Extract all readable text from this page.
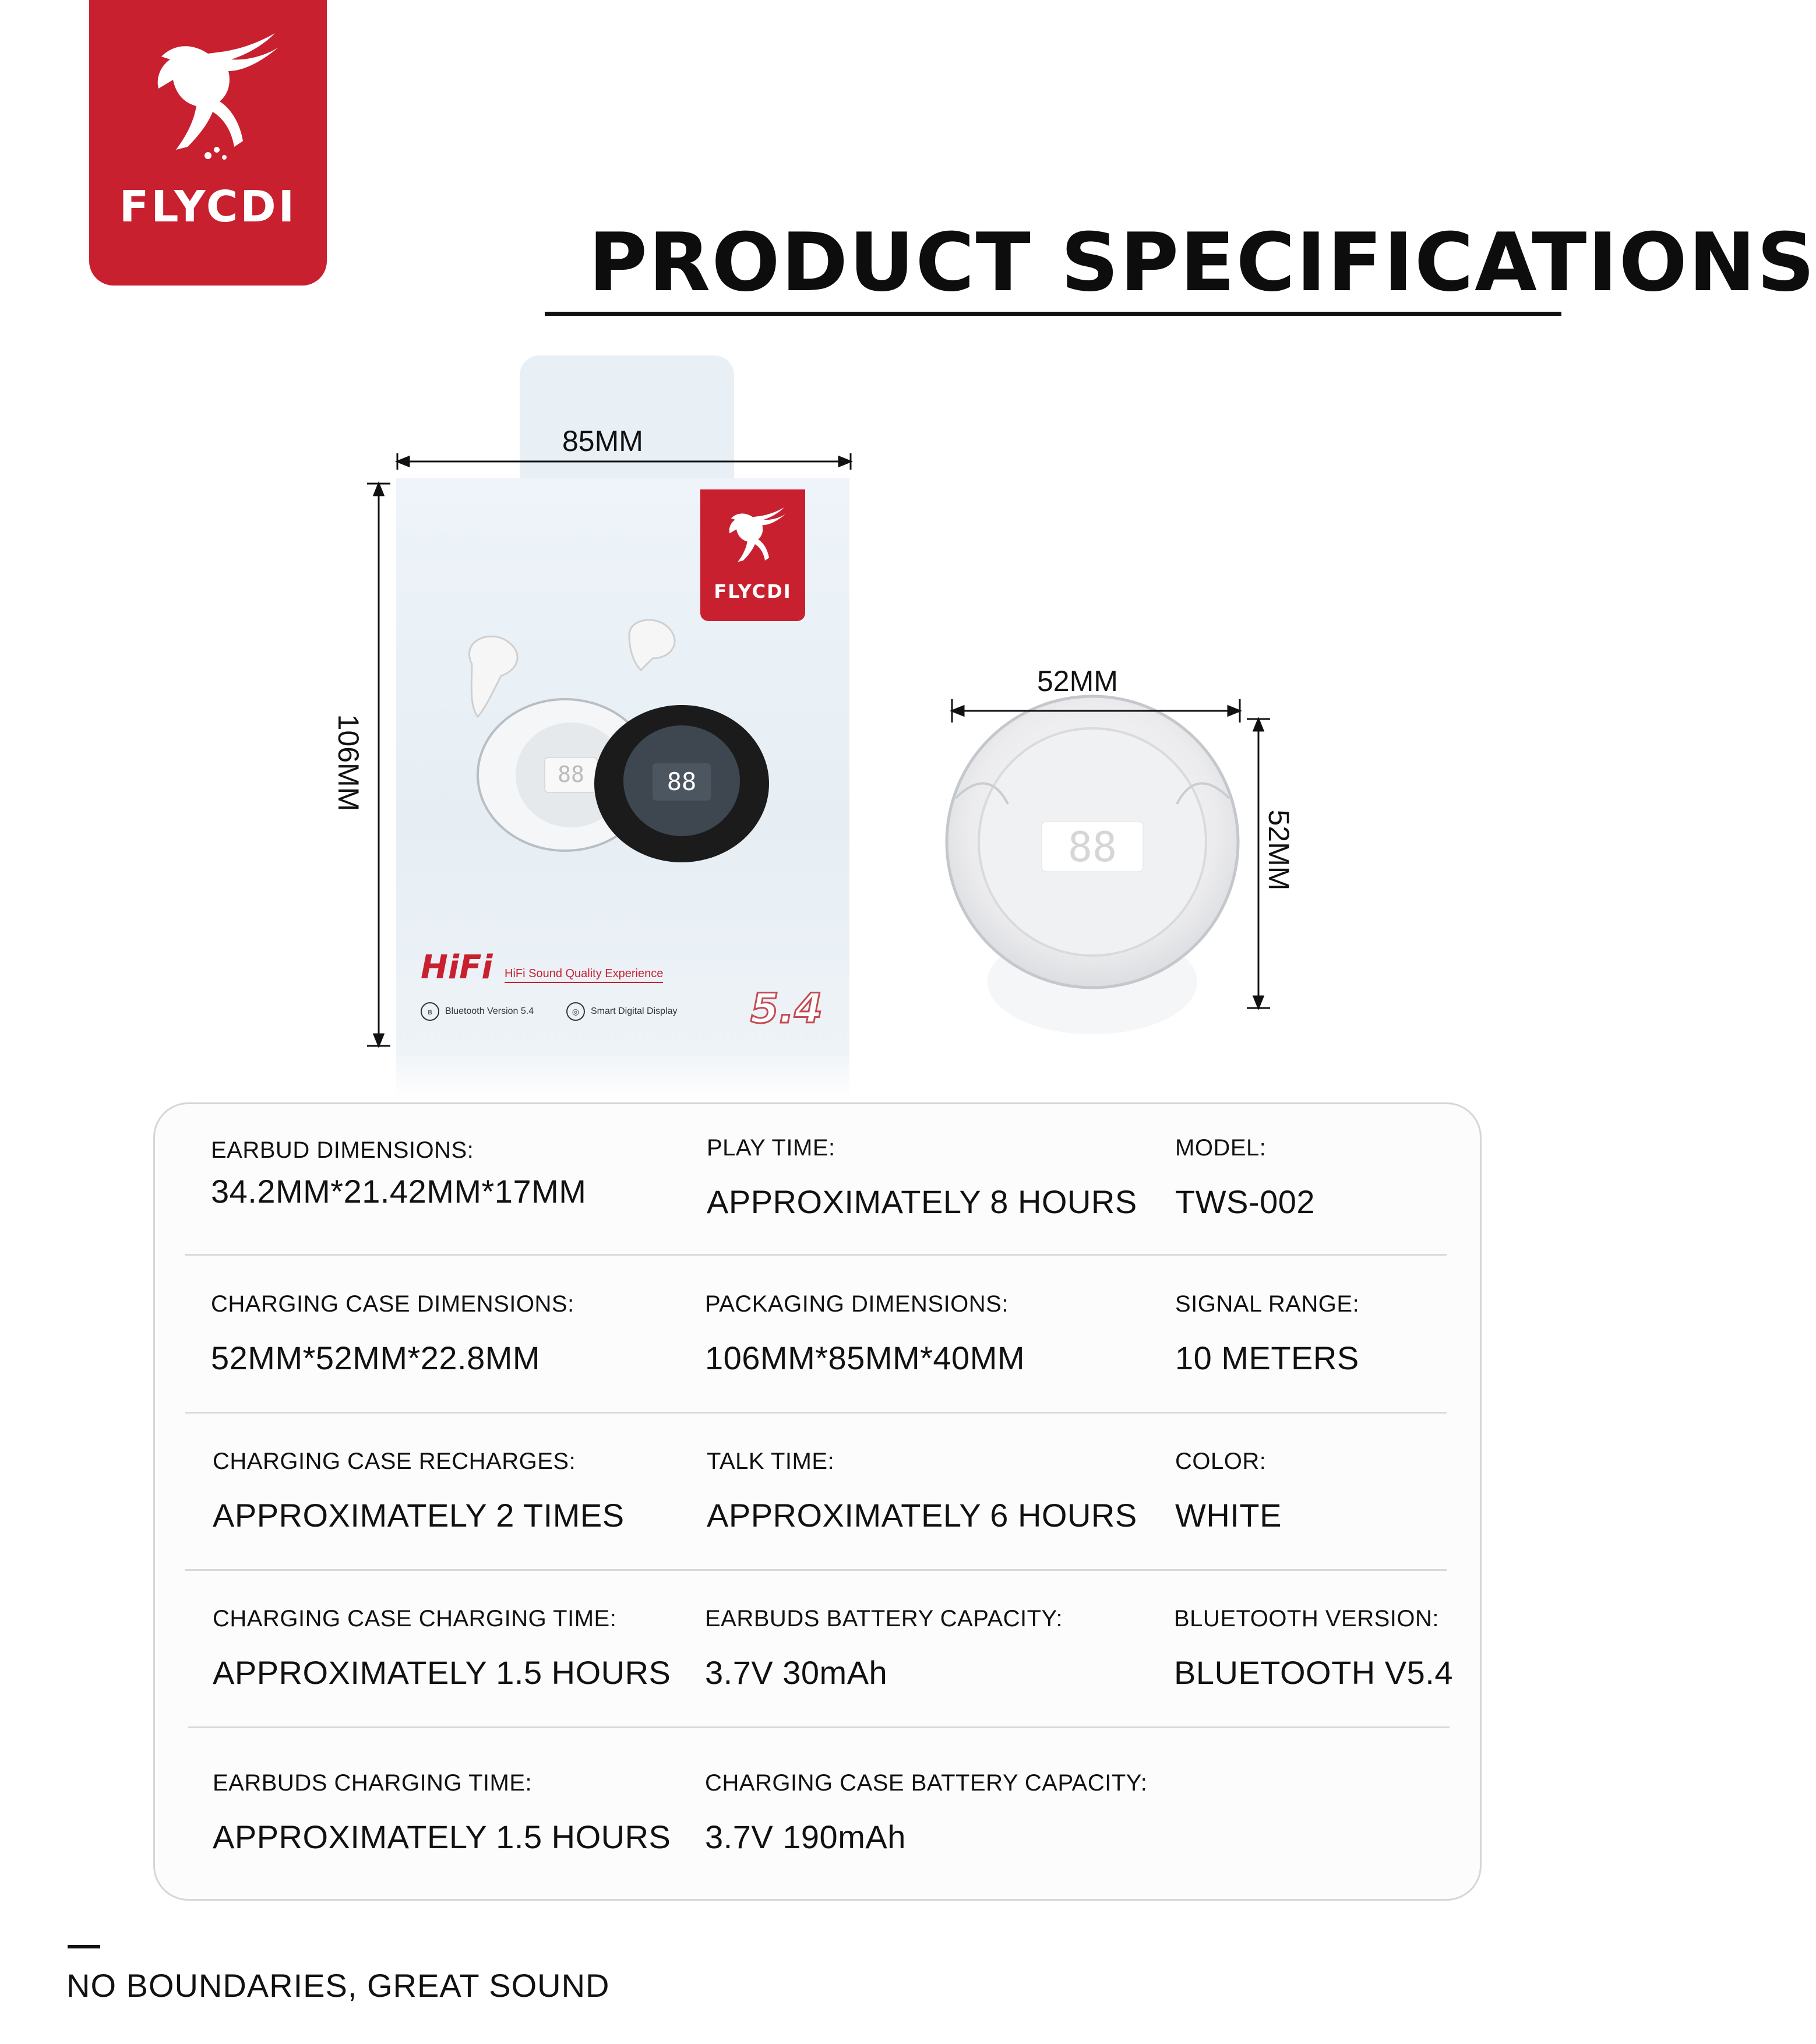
FLYCDI
PRODUCT SPECIFICATIONS
88	88
FLYCDI
HiFi HiFi Sound Quality Experience
ʙ	Bluetooth Version 5.4	◎	Smart Digital Display 5.4
88
85MM
106MM
52MM
52MM
EARBUD DIMENSIONS:
34.2MM*21.42MM*17MM
PLAY TIME:
APPROXIMATELY 8 HOURS
MODEL:
TWS-002
CHARGING CASE DIMENSIONS:
52MM*52MM*22.8MM
PACKAGING DIMENSIONS:
106MM*85MM*40MM
SIGNAL RANGE:
10 METERS
CHARGING CASE RECHARGES:
APPROXIMATELY 2 TIMES
TALK TIME:
APPROXIMATELY 6 HOURS
COLOR:
WHITE
CHARGING CASE CHARGING TIME:
APPROXIMATELY 1.5 HOURS
EARBUDS BATTERY CAPACITY:
3.7V 30mAh
BLUETOOTH VERSION:
BLUETOOTH V5.4
EARBUDS CHARGING TIME:
APPROXIMATELY 1.5 HOURS
CHARGING CASE BATTERY CAPACITY:
3.7V 190mAh
NO BOUNDARIES, GREAT SOUND
